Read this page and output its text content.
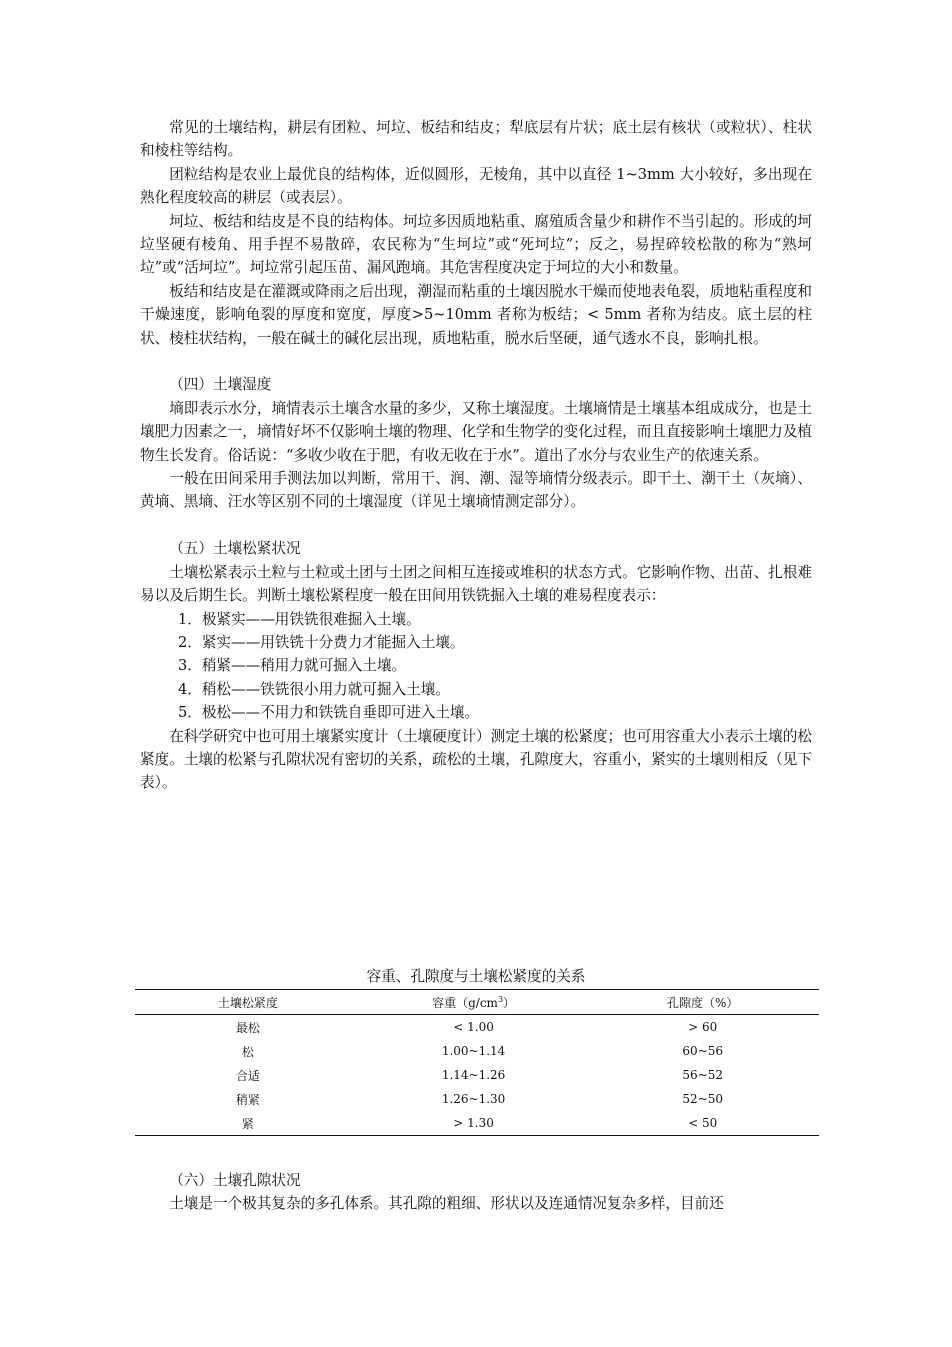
常见的土壤结构，耕层有团粒、坷垃、板结和结皮；犁底层有片状；底土层有核状（或粒状）、柱状和棱柱等结构。

团粒结构是农业上最优良的结构体，近似圆形，无棱角，其中以直径 1~3mm 大小较好，多出现在熟化程度较高的耕层（或表层）。

坷垃、板结和结皮是不良的结构体。坷垃多因质地粘重、腐殖质含量少和耕作不当引起的。形成的坷垃坚硬有棱角、用手捏不易散碎，农民称为“生坷垃”或“死坷垃”；反之，易捏碎较松散的称为“熟坷垃”或“活坷垃”。坷垃常引起压苗、漏风跑墒。其危害程度决定于坷垃的大小和数量。

板结和结皮是在灌溉或降雨之后出现，潮湿而粘重的土壤因脱水干燥而使地表龟裂，质地粘重程度和干燥速度，影响龟裂的厚度和宽度，厚度>5~10mm 者称为板结；< 5mm 者称为结皮。底土层的柱状、棱柱状结构，一般在碱土的碱化层出现，质地粘重，脱水后坚硬，通气透水不良，影响扎根。

（四）土壤湿度

墒即表示水分，墒情表示土壤含水量的多少，又称土壤湿度。土壤墒情是土壤基本组成成分，也是土壤肥力因素之一，墒情好坏不仅影响土壤的物理、化学和生物学的变化过程，而且直接影响土壤肥力及植物生长发育。俗话说：“多收少收在于肥，有收无收在于水”。道出了水分与农业生产的依速关系。

一般在田间采用手测法加以判断，常用干、润、潮、湿等墒情分级表示。即干土、潮干土（灰墒）、黄墒、黑墒、汪水等区别不同的土壤湿度（详见土壤墒情测定部分）。

（五）土壤松紧状况

土壤松紧表示土粒与土粒或土团与土团之间相互连接或堆积的状态方式。它影响作物、出苗、扎根难易以及后期生长。判断土壤松紧程度一般在田间用铁铣掘入土壤的难易程度表示：

1．极紧实——用铁铣很难掘入土壤。

2．紧实——用铁铣十分费力才能掘入土壤。

3．稍紧——稍用力就可掘入土壤。

4．稍松——铁铣很小用力就可掘入土壤。

5．极松——不用力和铁铣自垂即可进入土壤。

在科学研究中也可用土壤紧实度计（土壤硬度计）测定土壤的松紧度；也可用容重大小表示土壤的松紧度。土壤的松紧与孔隙状况有密切的关系，疏松的土壤，孔隙度大，容重小，紧实的土壤则相反（见下表）。

容重、孔隙度与土壤松紧度的关系
土壤松紧度	容重$(g/cm^3)$	孔隙度（%）
最松	< 1.00	> 60
松	1.00~1.14	60~56
合适	1.14~1.26	56~52
稍紧	1.26~1.30	52~50
紧	> 1.30	< 50

（六）土壤孔隙状况

土壤是一个极其复杂的多孔体系。其孔隙的粗细、形状以及连通情况复杂多样，目前还
